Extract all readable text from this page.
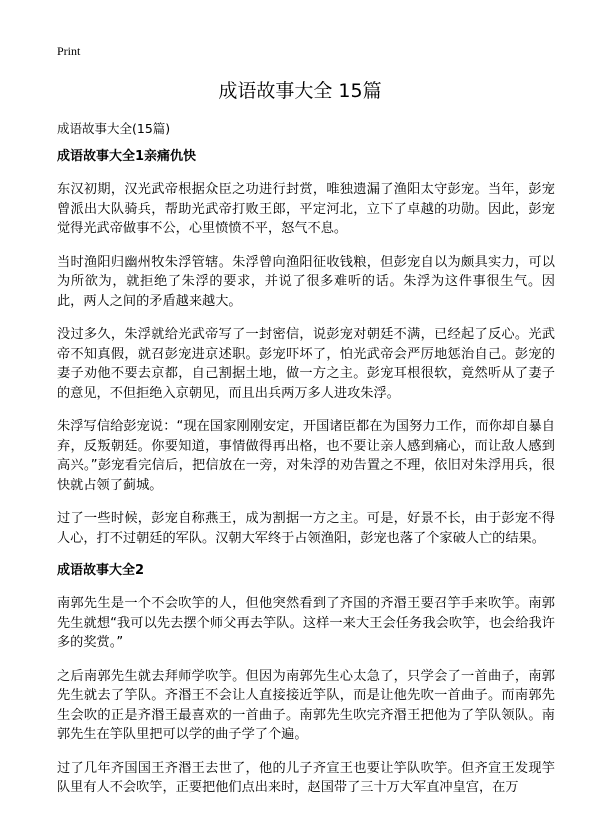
Print
成语故事大全 15篇
成语故事大全(15篇)
成语故事大全1亲痛仇快

东汉初期，汉光武帝根据众臣之功进行封赏，唯独遗漏了渔阳太守彭宠。当年，彭宠曾派出大队骑兵，帮助光武帝打败王郎，平定河北，立下了卓越的功勋。因此，彭宠觉得光武帝做事不公，心里愤愤不平，怒气不息。

当时渔阳归幽州牧朱浮管辖。朱浮曾向渔阳征收钱粮，但彭宠自以为颇具实力，可以为所欲为，就拒绝了朱浮的要求，并说了很多难听的话。朱浮为这件事很生气。因此，两人之间的矛盾越来越大。

没过多久，朱浮就给光武帝写了一封密信，说彭宠对朝廷不满，已经起了反心。光武帝不知真假，就召彭宠进京述职。彭宠吓坏了，怕光武帝会严厉地惩治自己。彭宠的妻子劝他不要去京都，自己割据土地，做一方之主。彭宠耳根很软，竟然听从了妻子的意见，不但拒绝入京朝见，而且出兵两万多人进攻朱浮。

朱浮写信给彭宠说：“现在国家刚刚安定，开国诸臣都在为国努力工作，而你却自暴自弃，反叛朝廷。你要知道，事情做得再出格，也不要让亲人感到痛心，而让敌人感到高兴。”彭宠看完信后，把信放在一旁，对朱浮的劝告置之不理，依旧对朱浮用兵，很快就占领了蓟城。

过了一些时候，彭宠自称燕王，成为割据一方之主。可是，好景不长，由于彭宠不得人心，打不过朝廷的军队。汉朝大军终于占领渔阳，彭宠也落了个家破人亡的结果。

成语故事大全2

南郭先生是一个不会吹竽的人，但他突然看到了齐国的齐湣王要召竽手来吹竽。南郭先生就想“我可以先去摆个师父再去竽队。这样一来大王会任务我会吹竽，也会给我许多的奖赏。”

之后南郭先生就去拜师学吹竽。但因为南郭先生心太急了，只学会了一首曲子，南郭先生就去了竽队。齐湣王不会让人直接接近竽队，而是让他先吹一首曲子。而南郭先生会吹的正是齐湣王最喜欢的一首曲子。南郭先生吹完齐湣王把他为了竽队领队。南郭先生在竽队里把可以学的曲子学了个遍。

过了几年齐国国王齐湣王去世了，他的儿子齐宣王也要让竽队吹竽。但齐宣王发现竽队里有人不会吹竽，正要把他们点出来时，赵国带了三十万大军直冲皇宫，在万
